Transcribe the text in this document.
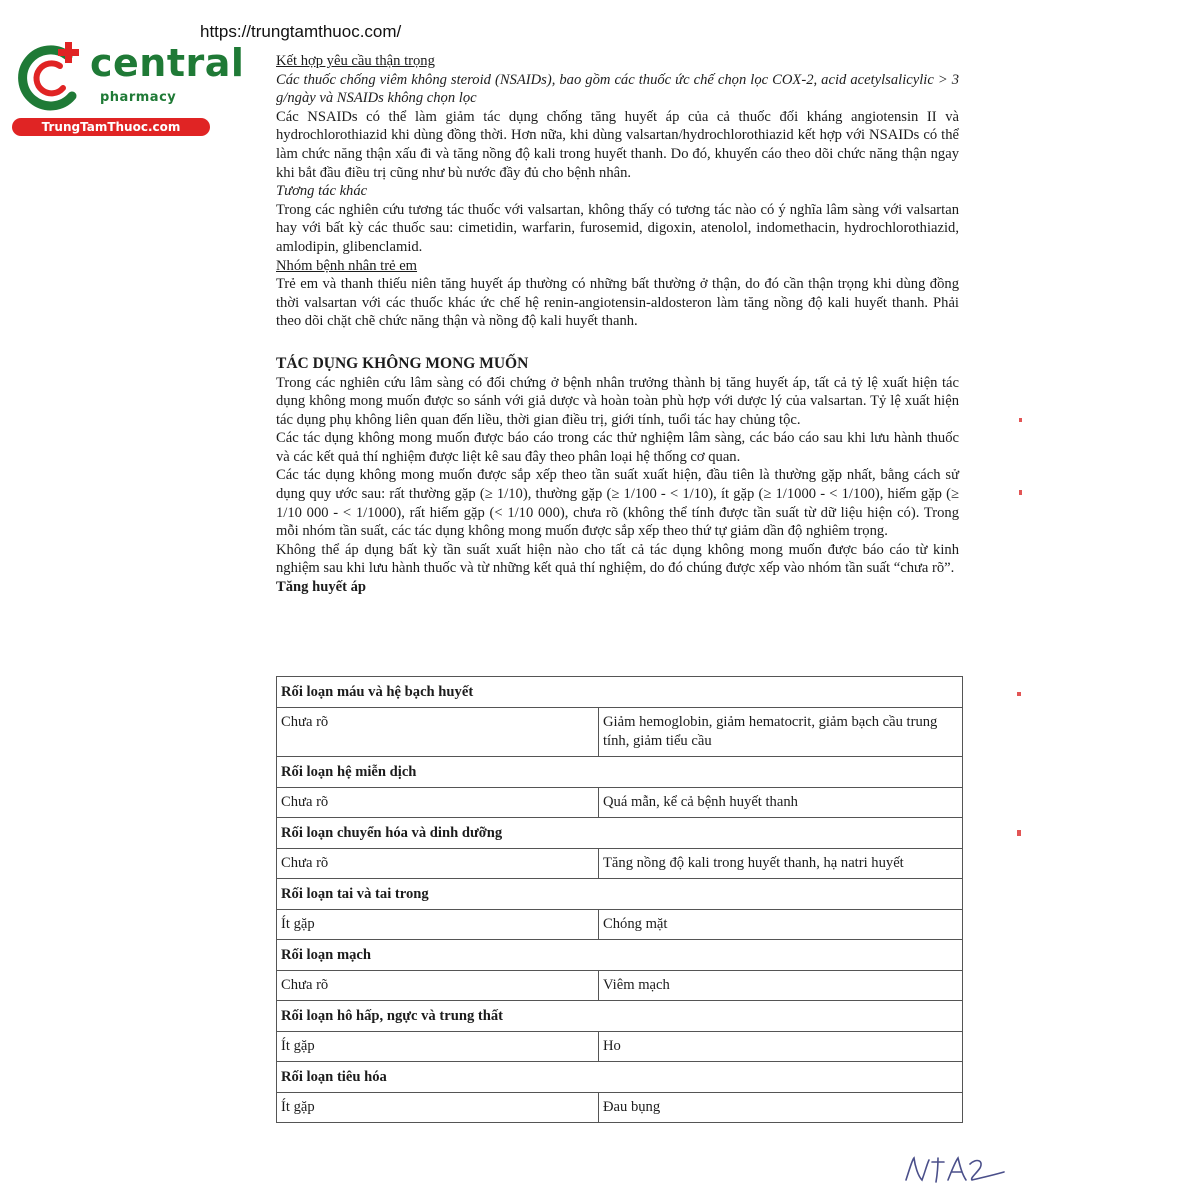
https://trungtamthuoc.com/
central
pharmacy
TrungTamThuoc.com

Kết hợp yêu cầu thận trọng

Các thuốc chống viêm không steroid (NSAIDs), bao gồm các thuốc ức chế chọn lọc COX-2, acid acetylsalicylic > 3 g/ngày và NSAIDs không chọn lọc

Các NSAIDs có thể làm giảm tác dụng chống tăng huyết áp của cả thuốc đối kháng angiotensin II và hydrochlorothiazid khi dùng đồng thời. Hơn nữa, khi dùng valsartan/hydrochlorothiazid kết hợp với NSAIDs có thể làm chức năng thận xấu đi và tăng nồng độ kali trong huyết thanh. Do đó, khuyến cáo theo dõi chức năng thận ngay khi bắt đầu điều trị cũng như bù nước đầy đủ cho bệnh nhân.

Tương tác khác

Trong các nghiên cứu tương tác thuốc với valsartan, không thấy có tương tác nào có ý nghĩa lâm sàng với valsartan hay với bất kỳ các thuốc sau: cimetidin, warfarin, furosemid, digoxin, atenolol, indomethacin, hydrochlorothiazid, amlodipin, glibenclamid.

Nhóm bệnh nhân trẻ em

Trẻ em và thanh thiếu niên tăng huyết áp thường có những bất thường ở thận, do đó cần thận trọng khi dùng đồng thời valsartan với các thuốc khác ức chế hệ renin-angiotensin-aldosteron làm tăng nồng độ kali huyết thanh. Phải theo dõi chặt chẽ chức năng thận và nồng độ kali huyết thanh.

TÁC DỤNG KHÔNG MONG MUỐN

Trong các nghiên cứu lâm sàng có đối chứng ở bệnh nhân trưởng thành bị tăng huyết áp, tất cả tỷ lệ xuất hiện tác dụng không mong muốn được so sánh với giả dược và hoàn toàn phù hợp với dược lý của valsartan. Tỷ lệ xuất hiện tác dụng phụ không liên quan đến liều, thời gian điều trị, giới tính, tuổi tác hay chủng tộc.

Các tác dụng không mong muốn được báo cáo trong các thử nghiệm lâm sàng, các báo cáo sau khi lưu hành thuốc và các kết quả thí nghiệm được liệt kê sau đây theo phân loại hệ thống cơ quan.

Các tác dụng không mong muốn được sắp xếp theo tần suất xuất hiện, đầu tiên là thường gặp nhất, bằng cách sử dụng quy ước sau: rất thường gặp (≥ 1/10), thường gặp (≥ 1/100 - < 1/10), ít gặp (≥ 1/1000 - < 1/100), hiếm gặp (≥ 1/10 000 - < 1/1000), rất hiếm gặp (< 1/10 000), chưa rõ (không thể tính được tần suất từ dữ liệu hiện có). Trong mỗi nhóm tần suất, các tác dụng không mong muốn được sắp xếp theo thứ tự giảm dần độ nghiêm trọng.

Không thể áp dụng bất kỳ tần suất xuất hiện nào cho tất cả tác dụng không mong muốn được báo cáo từ kinh nghiệm sau khi lưu hành thuốc và từ những kết quả thí nghiệm, do đó chúng được xếp vào nhóm tần suất “chưa rõ”.

Tăng huyết áp

Rối loạn máu và hệ bạch huyết	
Chưa rõ	Giảm hemoglobin, giảm hematocrit, giảm bạch cầu trung tính, giảm tiểu cầu
Rối loạn hệ miễn dịch	
Chưa rõ	Quá mẫn, kể cả bệnh huyết thanh
Rối loạn chuyển hóa và dinh dưỡng	
Chưa rõ	Tăng nồng độ kali trong huyết thanh, hạ natri huyết
Rối loạn tai và tai trong	
Ít gặp	Chóng mặt
Rối loạn mạch	
Chưa rõ	Viêm mạch
Rối loạn hô hấp, ngực và trung thất	
Ít gặp	Ho
Rối loạn tiêu hóa	
Ít gặp	Đau bụng
